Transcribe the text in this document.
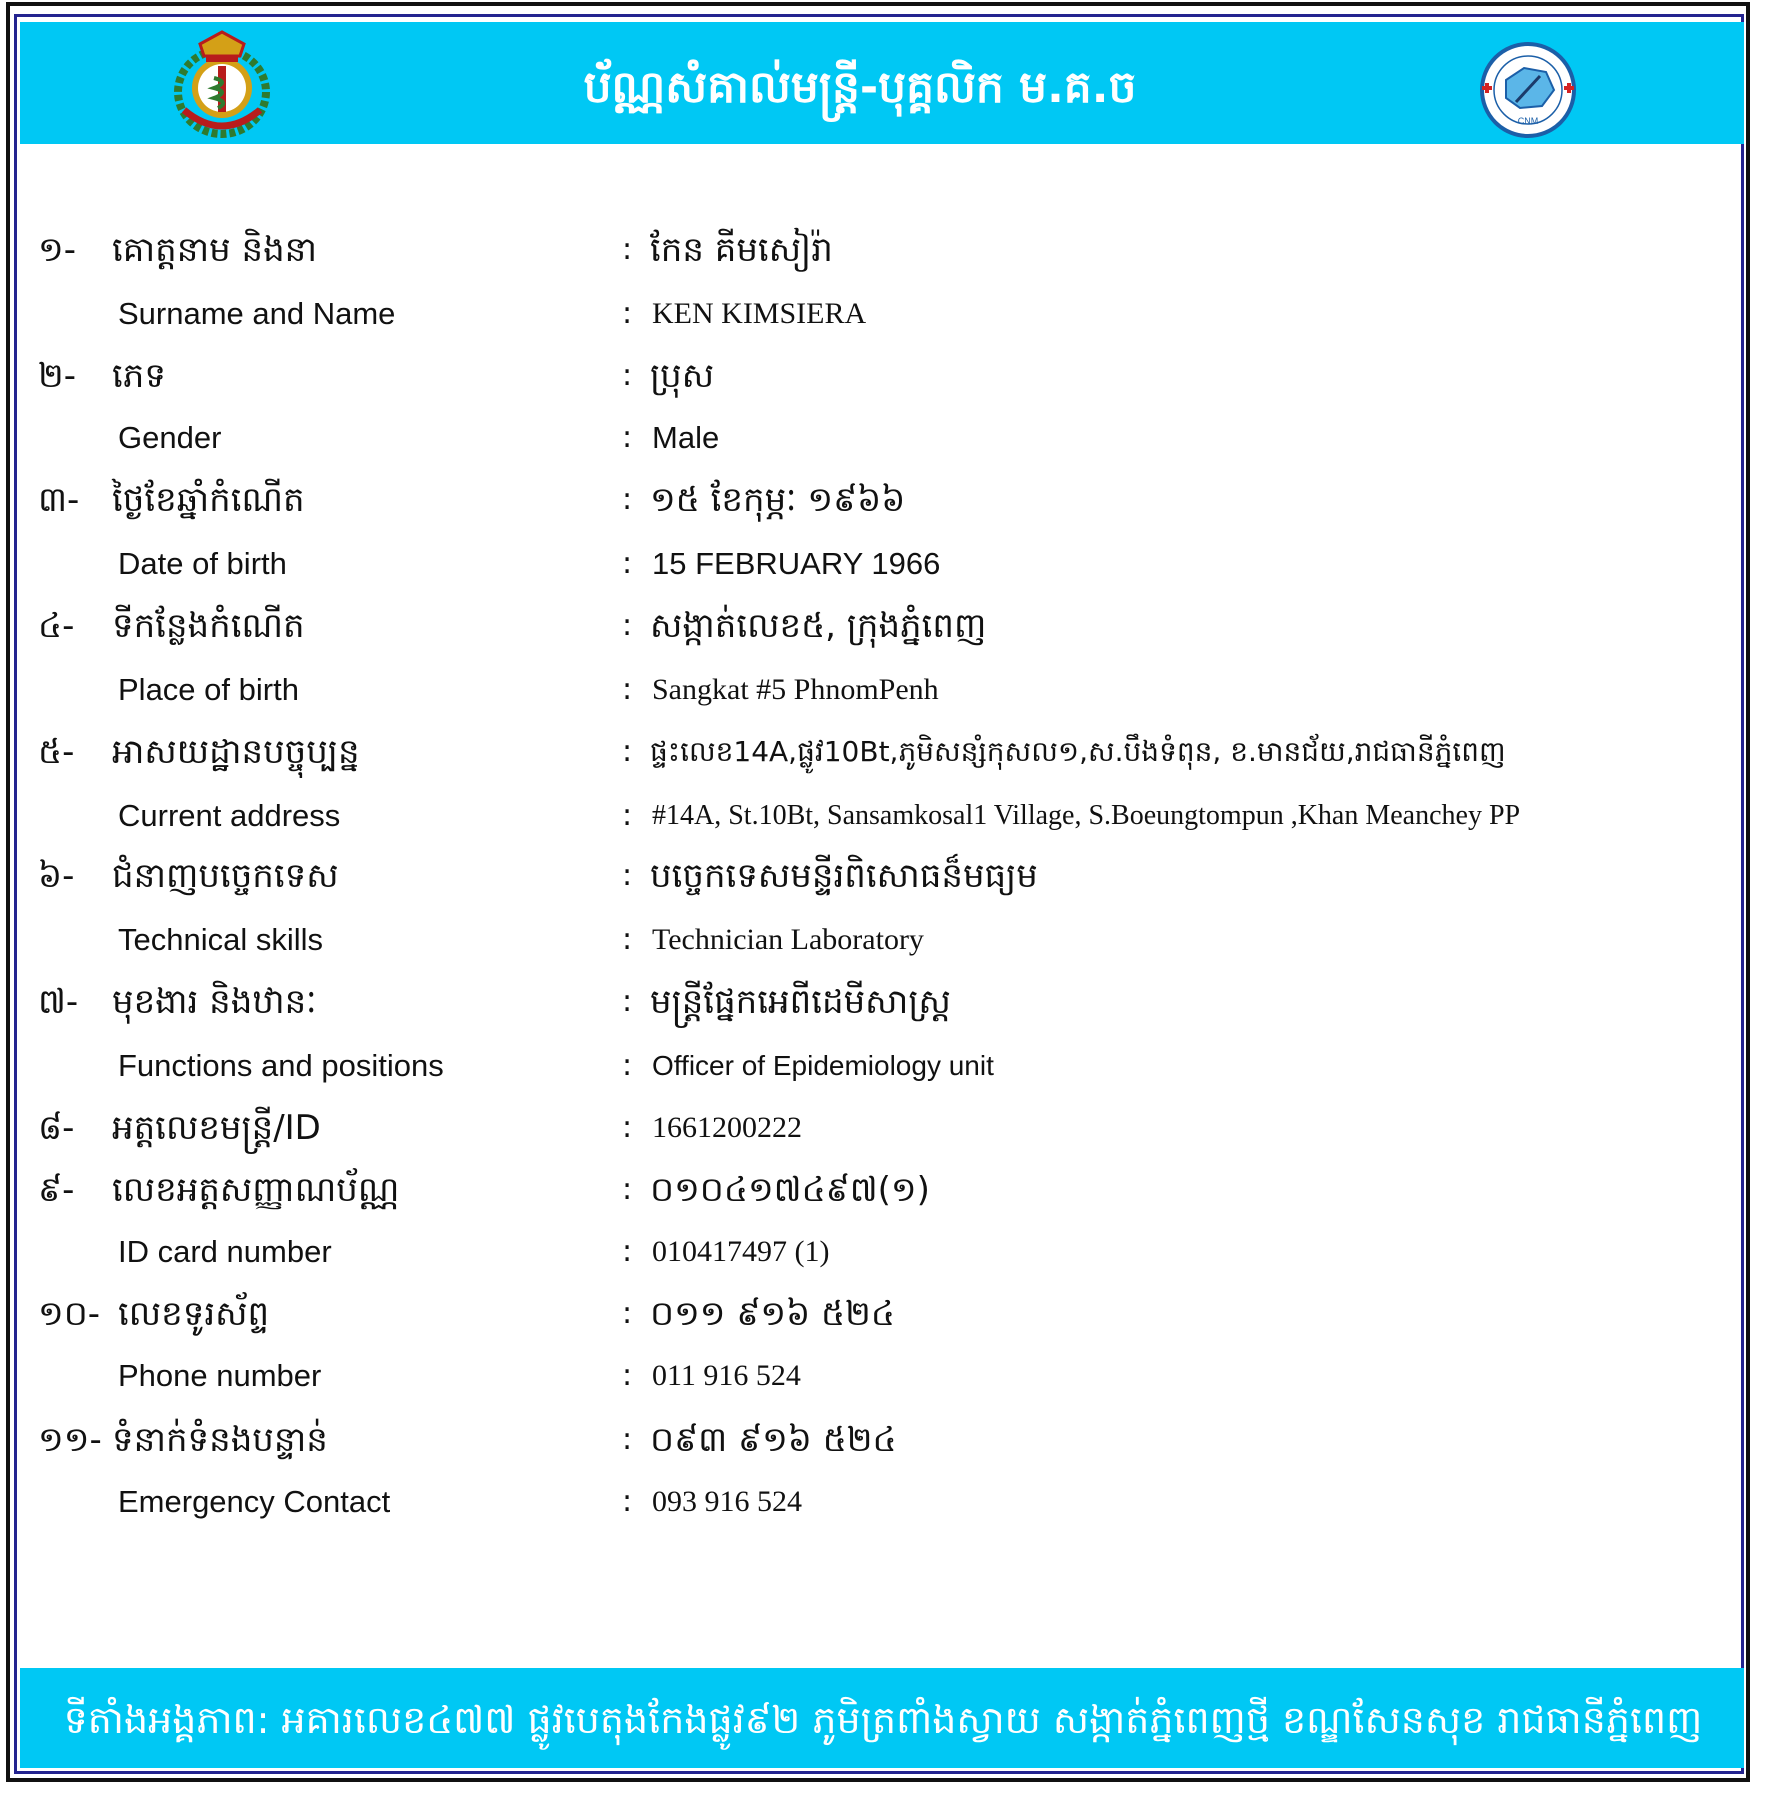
CNM
ប័ណ្ណសំគាល់មន្ត្រី-បុគ្គលិក ម.គ.ច
១- គោត្តនាម និងនា	: កែន គីមសៀរ៉ា
Surname and Name	: KEN KIMSIERA
២- ភេទ	: ប្រុស
Gender	: Male
៣- ថ្ងៃខែឆ្នាំកំណើត	: ១៥ ខែកុម្ភៈ ១៩៦៦
Date of birth	: 15 FEBRUARY 1966
៤- ទីកន្លែងកំណើត	: សង្កាត់លេខ៥, ក្រុងភ្នំពេញ
Place of birth	: Sangkat #5 PhnomPenh
៥- អាសយដ្ឋានបច្ចុប្បន្ន	: ផ្ទះលេខ14A,ផ្លូវ10Bt,ភូមិសន្សំកុសល១,ស.បឹងទំពុន, ខ.មានជ័យ,រាជធានីភ្នំពេញ
Current address	: #14A, St.10Bt, Sansamkosal1 Village, S.Boeungtompun ,Khan Meanchey PP
៦- ជំនាញបច្ចេកទេស	: បច្ចេកទេសមន្ទីរពិសោធន៏មធ្យម
Technical skills	: Technician Laboratory
៧- មុខងារ និងឋានៈ	: មន្ត្រីផ្នែកអេពីដេមីសាស្ត្រ
Functions and positions	: Officer of Epidemiology unit
៨- អត្តលេខមន្ត្រី/ID	: 1661200222
៩- លេខអត្តសញ្ញាណប័ណ្ណ	: ០១០៤១៧៤៩៧(១)
ID card number	: 010417497 (1)
១០- លេខទូរស័ព្ទ	: ០១១ ៩១៦ ៥២៤
Phone number	: 011 916 524
១១- ទំនាក់ទំនងបន្ទាន់	: ០៩៣ ៩១៦ ៥២៤
Emergency Contact	: 093 916 524
ទីតាំងអង្គភាព: អគារលេខ៤៧៧ ផ្លូវបេតុងកែងផ្លូវ៩២ ភូមិត្រពាំងស្វាយ សង្កាត់ភ្នំពេញថ្មី ខណ្ឌសែនសុខ រាជធានីភ្នំពេញ
